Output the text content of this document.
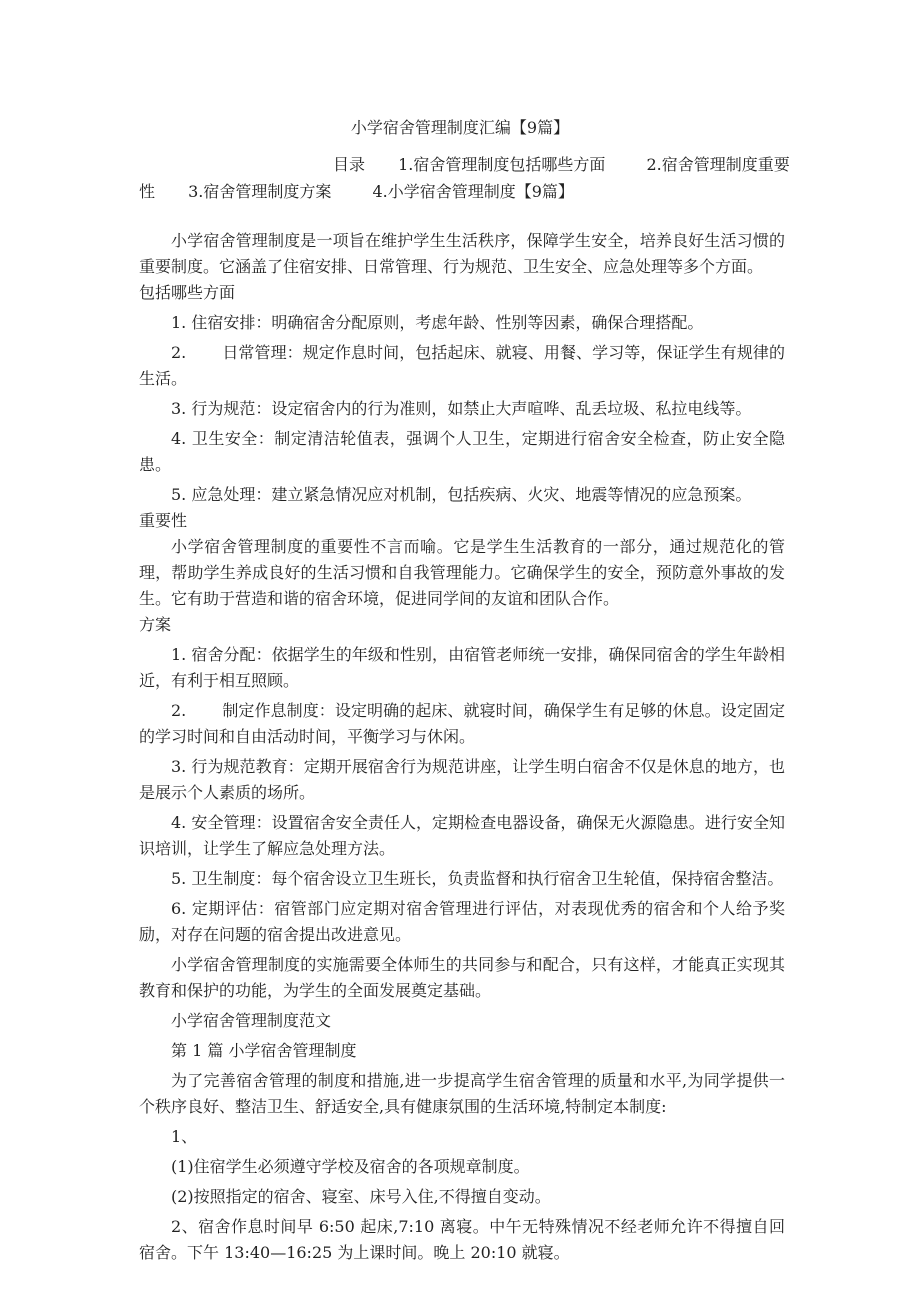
小学宿舍管理制度汇编【9篇】
目录 1.宿舍管理制度包括哪些方面	2.宿舍管理制度重要
性 3.宿舍管理制度方案	4.小学宿舍管理制度【9篇】

小学宿舍管理制度是一项旨在维护学生生活秩序，保障学生安全，培养良好生活习惯的重要制度。它涵盖了住宿安排、日常管理、行为规范、卫生安全、应急处理等多个方面。

包括哪些方面

1. 住宿安排：明确宿舍分配原则，考虑年龄、性别等因素，确保合理搭配。

2. 日常管理：规定作息时间，包括起床、就寝、用餐、学习等，保证学生有规律的生活。

3. 行为规范：设定宿舍内的行为准则，如禁止大声喧哗、乱丢垃圾、私拉电线等。

4. 卫生安全：制定清洁轮值表，强调个人卫生，定期进行宿舍安全检查，防止安全隐患。

5. 应急处理：建立紧急情况应对机制，包括疾病、火灾、地震等情况的应急预案。

重要性

小学宿舍管理制度的重要性不言而喻。它是学生生活教育的一部分，通过规范化的管理，帮助学生养成良好的生活习惯和自我管理能力。它确保学生的安全，预防意外事故的发生。它有助于营造和谐的宿舍环境，促进同学间的友谊和团队合作。

方案

1. 宿舍分配：依据学生的年级和性别，由宿管老师统一安排，确保同宿舍的学生年龄相近，有利于相互照顾。

2. 制定作息制度：设定明确的起床、就寝时间，确保学生有足够的休息。设定固定的学习时间和自由活动时间，平衡学习与休闲。

3. 行为规范教育：定期开展宿舍行为规范讲座，让学生明白宿舍不仅是休息的地方，也是展示个人素质的场所。

4. 安全管理：设置宿舍安全责任人，定期检查电器设备，确保无火源隐患。进行安全知识培训，让学生了解应急处理方法。

5. 卫生制度：每个宿舍设立卫生班长，负责监督和执行宿舍卫生轮值，保持宿舍整洁。

6. 定期评估：宿管部门应定期对宿舍管理进行评估，对表现优秀的宿舍和个人给予奖励，对存在问题的宿舍提出改进意见。

小学宿舍管理制度的实施需要全体师生的共同参与和配合，只有这样，才能真正实现其教育和保护的功能，为学生的全面发展奠定基础。

小学宿舍管理制度范文

第 1 篇 小学宿舍管理制度

为了完善宿舍管理的制度和措施,进一步提高学生宿舍管理的质量和水平,为同学提供一个秩序良好、整洁卫生、舒适安全,具有健康氛围的生活环境,特制定本制度:

1、

(1)住宿学生必须遵守学校及宿舍的各项规章制度。

(2)按照指定的宿舍、寝室、床号入住,不得擅自变动。

2、宿舍作息时间早 6:50 起床,7:10 离寝。中午无特殊情况不经老师允许不得擅自回宿舍。下午 13:40—16:25 为上课时间。晚上 20:10 就寝。
